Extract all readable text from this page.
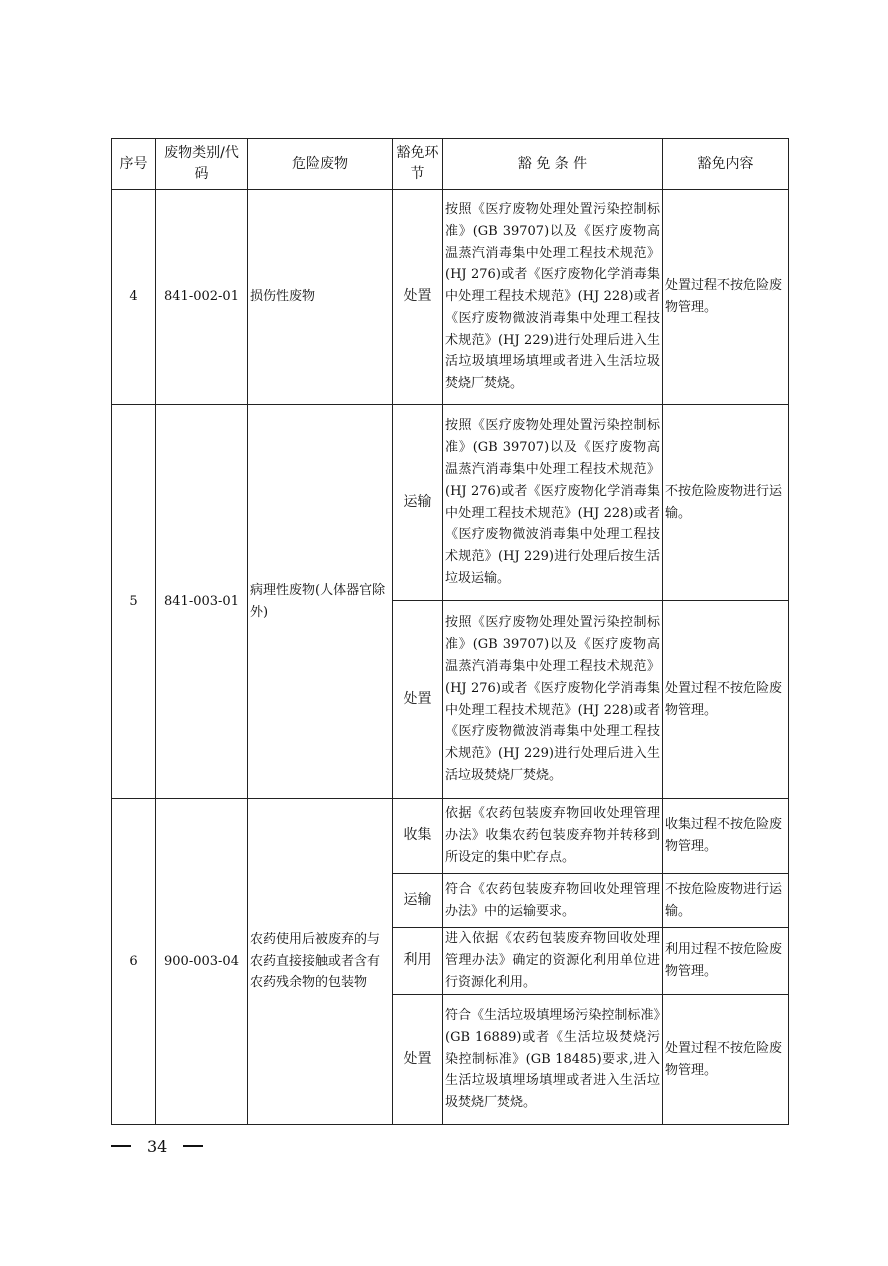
序号	废物类别/代码	危险废物	豁免环节	豁 免 条 件	豁免内容
4	841-002-01	损伤性废物	处置	按照《医疗废物处理处置污染控制标准》(GB 39707)以及《医疗废物高温蒸汽消毒集中处理工程技术规范》(HJ 276)或者《医疗废物化学消毒集中处理工程技术规范》(HJ 228)或者《医疗废物微波消毒集中处理工程技术规范》(HJ 229)进行处理后进入生活垃圾填埋场填埋或者进入生活垃圾焚烧厂焚烧。	处置过程不按危险废物管理。
5	841-003-01	病理性废物(人体器官除外)	运输	按照《医疗废物处理处置污染控制标准》(GB 39707)以及《医疗废物高温蒸汽消毒集中处理工程技术规范》(HJ 276)或者《医疗废物化学消毒集中处理工程技术规范》(HJ 228)或者《医疗废物微波消毒集中处理工程技术规范》(HJ 229)进行处理后按生活垃圾运输。	不按危险废物进行运输。
			处置	按照《医疗废物处理处置污染控制标准》(GB 39707)以及《医疗废物高温蒸汽消毒集中处理工程技术规范》(HJ 276)或者《医疗废物化学消毒集中处理工程技术规范》(HJ 228)或者《医疗废物微波消毒集中处理工程技术规范》(HJ 229)进行处理后进入生活垃圾焚烧厂焚烧。	处置过程不按危险废物管理。
6	900-003-04	农药使用后被废弃的与农药直接接触或者含有农药残余物的包装物	收集	依据《农药包装废弃物回收处理管理办法》收集农药包装废弃物并转移到所设定的集中贮存点。	收集过程不按危险废物管理。
			运输	符合《农药包装废弃物回收处理管理办法》中的运输要求。	不按危险废物进行运输。
			利用	进入依据《农药包装废弃物回收处理管理办法》确定的资源化利用单位进行资源化利用。	利用过程不按危险废物管理。
			处置	符合《生活垃圾填埋场污染控制标准》(GB 16889)或者《生活垃圾焚烧污染控制标准》(GB 18485)要求,进入生活垃圾填埋场填埋或者进入生活垃圾焚烧厂焚烧。	处置过程不按危险废物管理。
34
